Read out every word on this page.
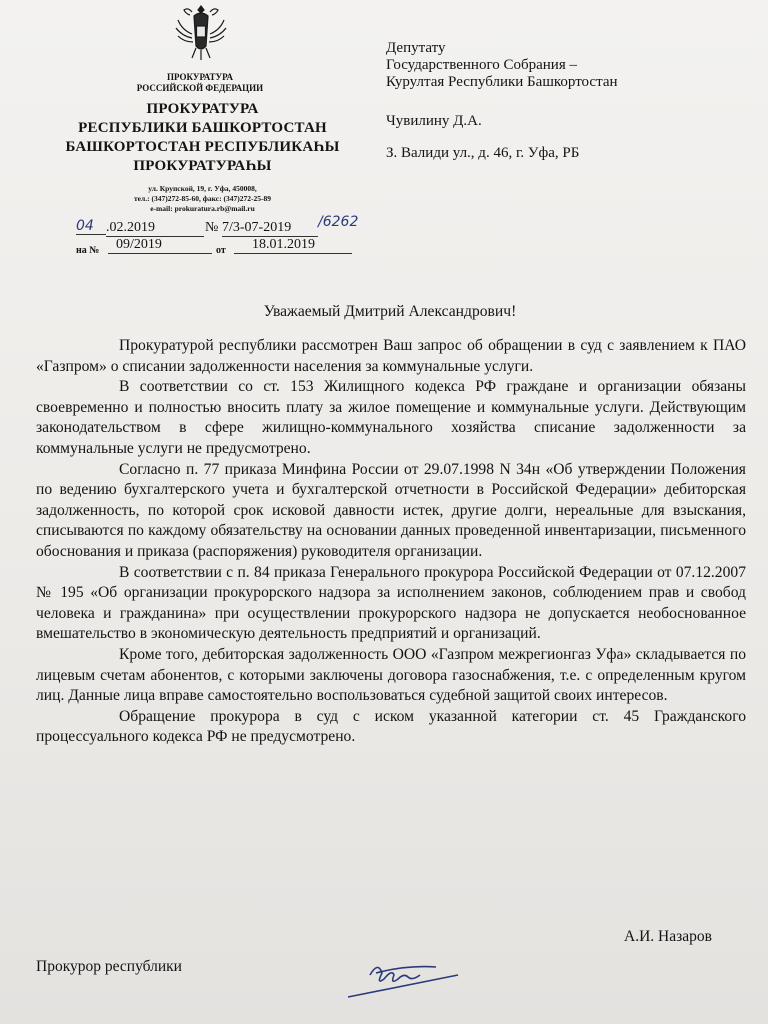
ПРОКУРАТУРА
РОССИЙСКОЙ ФЕДЕРАЦИИ
ПРОКУРАТУРА
РЕСПУБЛИКИ БАШКОРТОСТАН
БАШКОРТОСТАН РЕСПУБЛИКАҺЫ
ПРОКУРАТУРАҺЫ
ул. Крупской, 19, г. Уфа, 450008,
тел.: (347)272-85-60, факс: (347)272-25-89
e-mail: prokuratura.rb@mail.ru
04 .02.2019	№ 7/3-07-2019	/6262
на №	09/2019	от	18.01.2019
Депутату
Государственного Собрания –
Курултая Республики Башкортостан
Чувилину Д.А.
З. Валиди ул., д. 46, г. Уфа, РБ
Уважаемый Дмитрий Александрович!

Прокуратурой республики рассмотрен Ваш запрос об обращении в суд с заявлением к ПАО «Газпром» о списании задолженности населения за коммунальные услуги.

В соответствии со ст. 153 Жилищного кодекса РФ граждане и организации обязаны своевременно и полностью вносить плату за жилое помещение и коммунальные услуги. Действующим законодательством в сфере жилищно-коммунального хозяйства списание задолженности за коммунальные услуги не предусмотрено.

Согласно п. 77 приказа Минфина России от 29.07.1998 N 34н «Об утверждении Положения по ведению бухгалтерского учета и бухгалтерской отчетности в Российской Федерации» дебиторская задолженность, по которой срок исковой давности истек, другие долги, нереальные для взыскания, списываются по каждому обязательству на основании данных проведенной инвентаризации, письменного обоснования и приказа (распоряжения) руководителя организации.

В соответствии с п. 84 приказа Генерального прокурора Российской Федерации от 07.12.2007 № 195 «Об организации прокурорского надзора за исполнением законов, соблюдением прав и свобод человека и гражданина» при осуществлении прокурорского надзора не допускается необоснованное вмешательство в экономическую деятельность предприятий и организаций.

Кроме того, дебиторская задолженность ООО «Газпром межрегионгаз Уфа» складывается по лицевым счетам абонентов, с которыми заключены договора газоснабжения, т.е. с определенным кругом лиц. Данные лица вправе самостоятельно воспользоваться судебной защитой своих интересов.

Обращение прокурора в суд с иском указанной категории ст. 45 Гражданского процессуального кодекса РФ не предусмотрено.

А.И. Назаров
Прокурор республики
